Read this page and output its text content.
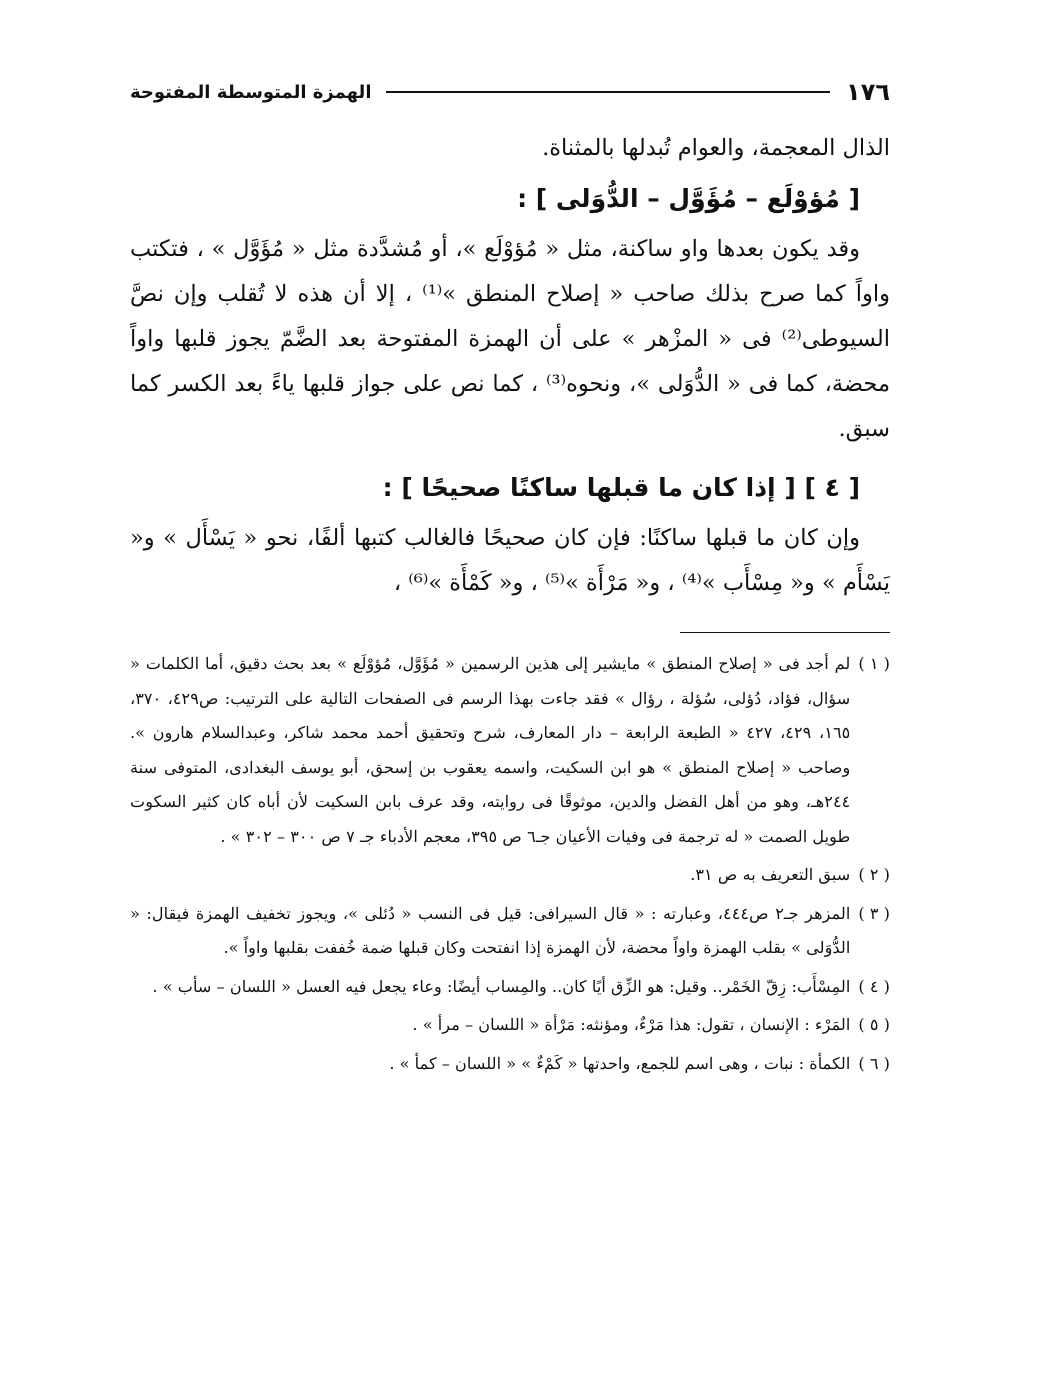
١٧٦
الهمزة المتوسطة المفتوحة

الذال المعجمة، والعوام تُبدلها بالمثناة.

[ مُؤوْلَع – مُؤَوَّل – الدُّوَلى ] :

وقد يكون بعدها واو ساكنة، مثل « مُؤوْلَع »، أو مُشدَّدة مثل « مُؤَوَّل » ، فتكتب واواً كما صرح بذلك صاحب « إصلاح المنطق »⁽¹⁾ ، إلا أن هذه لا تُقلب وإن نصَّ السيوطى⁽²⁾ فى « المزْهر » على أن الهمزة المفتوحة بعد الضَّمّ يجوز قلبها واواً محضة، كما فى « الدُّوَلى »، ونحوه⁽³⁾ ، كما نص على جواز قلبها ياءً بعد الكسر كما سبق.

[ ٤ ] [ إذا كان ما قبلها ساكنًا صحيحًا ] :

وإن كان ما قبلها ساكنًا: فإن كان صحيحًا فالغالب كتبها ألفًا، نحو « يَسْأَل » و« يَسْأَم » و« مِسْأَب »⁽⁴⁾ ، و« مَرْأَة »⁽⁵⁾ ، و« كَمْأَة »⁽⁶⁾ ،

( ١ )
لم أجد فى « إصلاح المنطق » مايشير إلى هذين الرسمين « مُؤَوَّل، مُؤوْلَع » بعد بحث دقيق، أما الكلمات « سؤال، فؤاد، دُؤلى، سُؤلة ، رؤال » فقد جاءت بهذا الرسم فى الصفحات التالية على الترتيب: ص٤٢٩، ٣٧٠، ١٦٥، ٤٢٩، ٤٢٧ « الطبعة الرابعة – دار المعارف، شرح وتحقيق أحمد محمد شاكر، وعبدالسلام هارون ». وصاحب « إصلاح المنطق » هو ابن السكيت، واسمه يعقوب بن إسحق، أبو يوسف البغدادى، المتوفى سنة ٢٤٤هـ، وهو من أهل الفضل والدين، موثوقًا فى روايته، وقد عرف بابن السكيت لأن أباه كان كثير السكوت طويل الصمت « له ترجمة فى وفيات الأعيان جـ٦ ص ٣٩٥، معجم الأدباء جـ ٧ ص ٣٠٠ – ٣٠٢ » .
( ٢ )
سبق التعريف به ص ٣١.
( ٣ )
المزهر جـ٢ ص٤٤٤، وعبارته : « قال السيرافى: قيل فى النسب « دُئلى »، ويجوز تخفيف الهمزة فيقال: « الدُّوَلى » بقلب الهمزة واواً محضة، لأن الهمزة إذا انفتحت وكان قبلها ضمة خُففت بقلبها واواً ».
( ٤ )
المِسْأَب: زِقّ الخَمْر.. وقيل: هو الزِّق أيًا كان.. والمِساب أيضًا: وعاء يجعل فيه العسل « اللسان – سأب » .
( ٥ )
المَرْء : الإنسان ، تقول: هذا مَرْءٌ، ومؤنثه: مَرْأة « اللسان – مرأ » .
( ٦ )
الكمأة : نبات ، وهى اسم للجمع، واحدتها « كَمْءٌ » « اللسان – كمأ » .
